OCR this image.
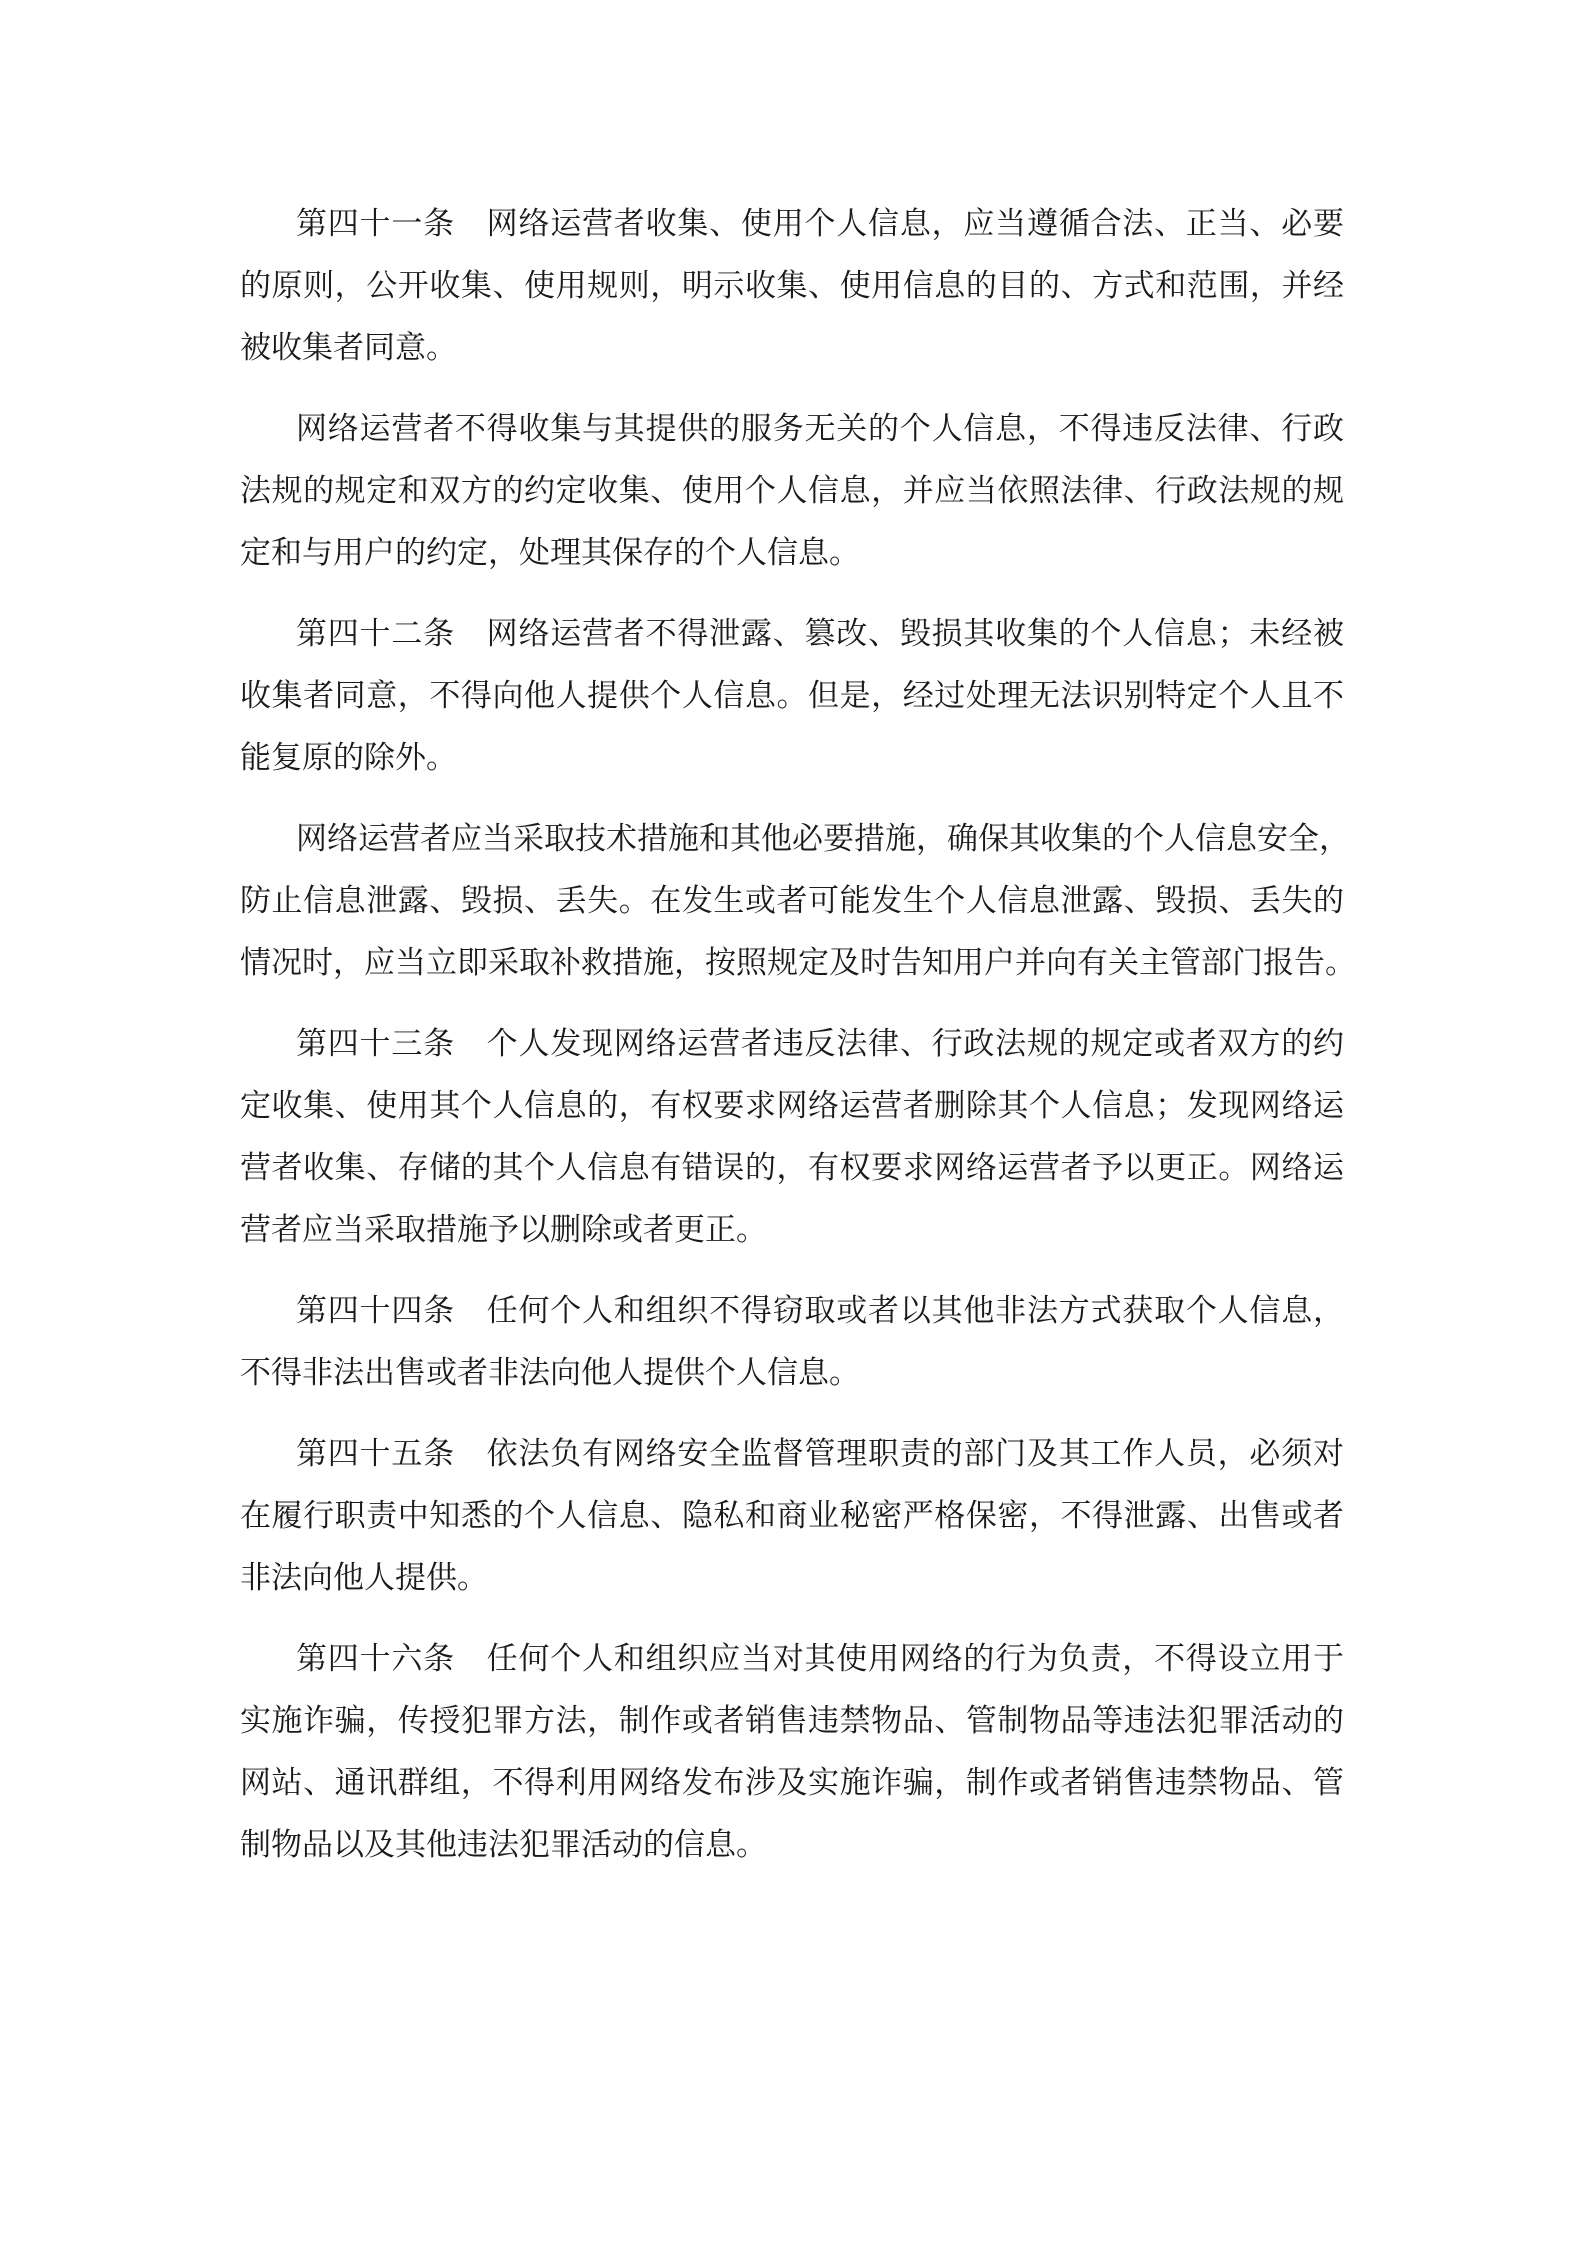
第四十一条　网络运营者收集、使用个人信息，应当遵循合法、正当、必要
的原则，公开收集、使用规则，明示收集、使用信息的目的、方式和范围，并经
被收集者同意。
网络运营者不得收集与其提供的服务无关的个人信息，不得违反法律、行政
法规的规定和双方的约定收集、使用个人信息，并应当依照法律、行政法规的规
定和与用户的约定，处理其保存的个人信息。
第四十二条　网络运营者不得泄露、篡改、毁损其收集的个人信息；未经被
收集者同意，不得向他人提供个人信息。但是，经过处理无法识别特定个人且不
能复原的除外。
网络运营者应当采取技术措施和其他必要措施，确保其收集的个人信息安全，
防止信息泄露、毁损、丢失。在发生或者可能发生个人信息泄露、毁损、丢失的
情况时，应当立即采取补救措施，按照规定及时告知用户并向有关主管部门报告。
第四十三条　个人发现网络运营者违反法律、行政法规的规定或者双方的约
定收集、使用其个人信息的，有权要求网络运营者删除其个人信息；发现网络运
营者收集、存储的其个人信息有错误的，有权要求网络运营者予以更正。网络运
营者应当采取措施予以删除或者更正。
第四十四条　任何个人和组织不得窃取或者以其他非法方式获取个人信息，
不得非法出售或者非法向他人提供个人信息。
第四十五条　依法负有网络安全监督管理职责的部门及其工作人员，必须对
在履行职责中知悉的个人信息、隐私和商业秘密严格保密，不得泄露、出售或者
非法向他人提供。
第四十六条　任何个人和组织应当对其使用网络的行为负责，不得设立用于
实施诈骗，传授犯罪方法，制作或者销售违禁物品、管制物品等违法犯罪活动的
网站、通讯群组，不得利用网络发布涉及实施诈骗，制作或者销售违禁物品、管
制物品以及其他违法犯罪活动的信息。
